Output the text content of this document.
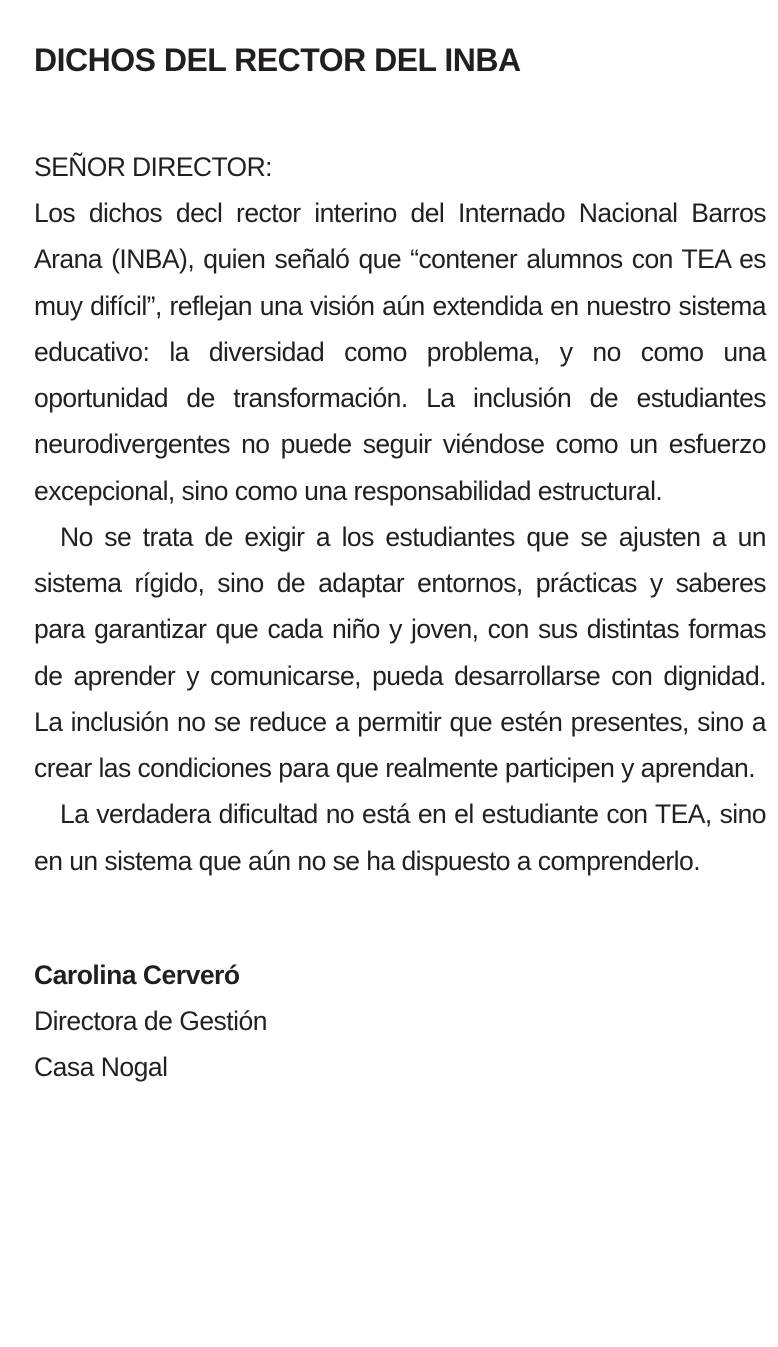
DICHOS DEL RECTOR DEL INBA

SEÑOR DIRECTOR:

Los dichos decl rector interino del Internado Nacional Barros Arana (INBA), quien señaló que “contener alumnos con TEA es muy difícil”, reflejan una visión aún extendida en nuestro sistema educativo: la diversidad como problema, y no como una oportunidad de transformación. La inclusión de estudiantes neurodivergentes no puede seguir viéndose como un esfuerzo excepcional, sino como una responsabilidad estructural.

No se trata de exigir a los estudiantes que se ajusten a un sistema rígido, sino de adaptar entornos, prácticas y saberes para garantizar que cada niño y joven, con sus distintas formas de aprender y comunicarse, pueda desarrollarse con dignidad. La inclusión no se reduce a permitir que estén presentes, sino a crear las condiciones para que realmente participen y aprendan.

La verdadera dificultad no está en el estudiante con TEA, sino en un sistema que aún no se ha dispuesto a comprenderlo.

Carolina Cerveró
Directora de Gestión
Casa Nogal
